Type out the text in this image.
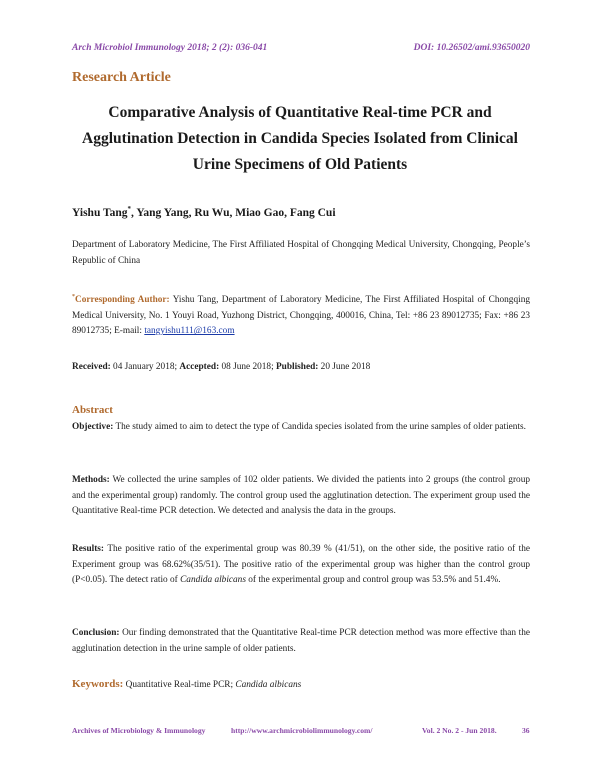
Arch Microbiol Immunology 2018; 2 (2): 036-041	DOI: 10.26502/ami.93650020
Research Article
Comparative Analysis of Quantitative Real-time PCR and
Agglutination Detection in Candida Species Isolated from Clinical
Urine Specimens of Old Patients
Yishu Tang*, Yang Yang, Ru Wu, Miao Gao, Fang Cui
Department of Laboratory Medicine, The First Affiliated Hospital of Chongqing Medical University, Chongqing, People’s Republic of China
*Corresponding Author: Yishu Tang, Department of Laboratory Medicine, The First Affiliated Hospital of Chongqing Medical University, No. 1 Youyi Road, Yuzhong District, Chongqing, 400016, China, Tel: +86 23 89012735; Fax: +86 23 89012735; E-mail: tangyishu111@163.com
Received: 04 January 2018; Accepted: 08 June 2018; Published: 20 June 2018
Abstract
Objective: The study aimed to aim to detect the type of Candida species isolated from the urine samples of older patients.
Methods: We collected the urine samples of 102 older patients. We divided the patients into 2 groups (the control group and the experimental group) randomly. The control group used the agglutination detection. The experiment group used the Quantitative Real-time PCR detection. We detected and analysis the data in the groups.
Results: The positive ratio of the experimental group was 80.39 % (41/51), on the other side, the positive ratio of the Experiment group was 68.62%(35/51). The positive ratio of the experimental group was higher than the control group (P<0.05). The detect ratio of Candida albicans of the experimental group and control group was 53.5% and 51.4%.
Conclusion: Our finding demonstrated that the Quantitative Real-time PCR detection method was more effective than the agglutination detection in the urine sample of older patients.
Keywords: Quantitative Real-time PCR; Candida albicans
Archives of Microbiology & Immunology	http://www.archmicrobiolimmunology.com/	Vol. 2 No. 2 - Jun 2018.	36
